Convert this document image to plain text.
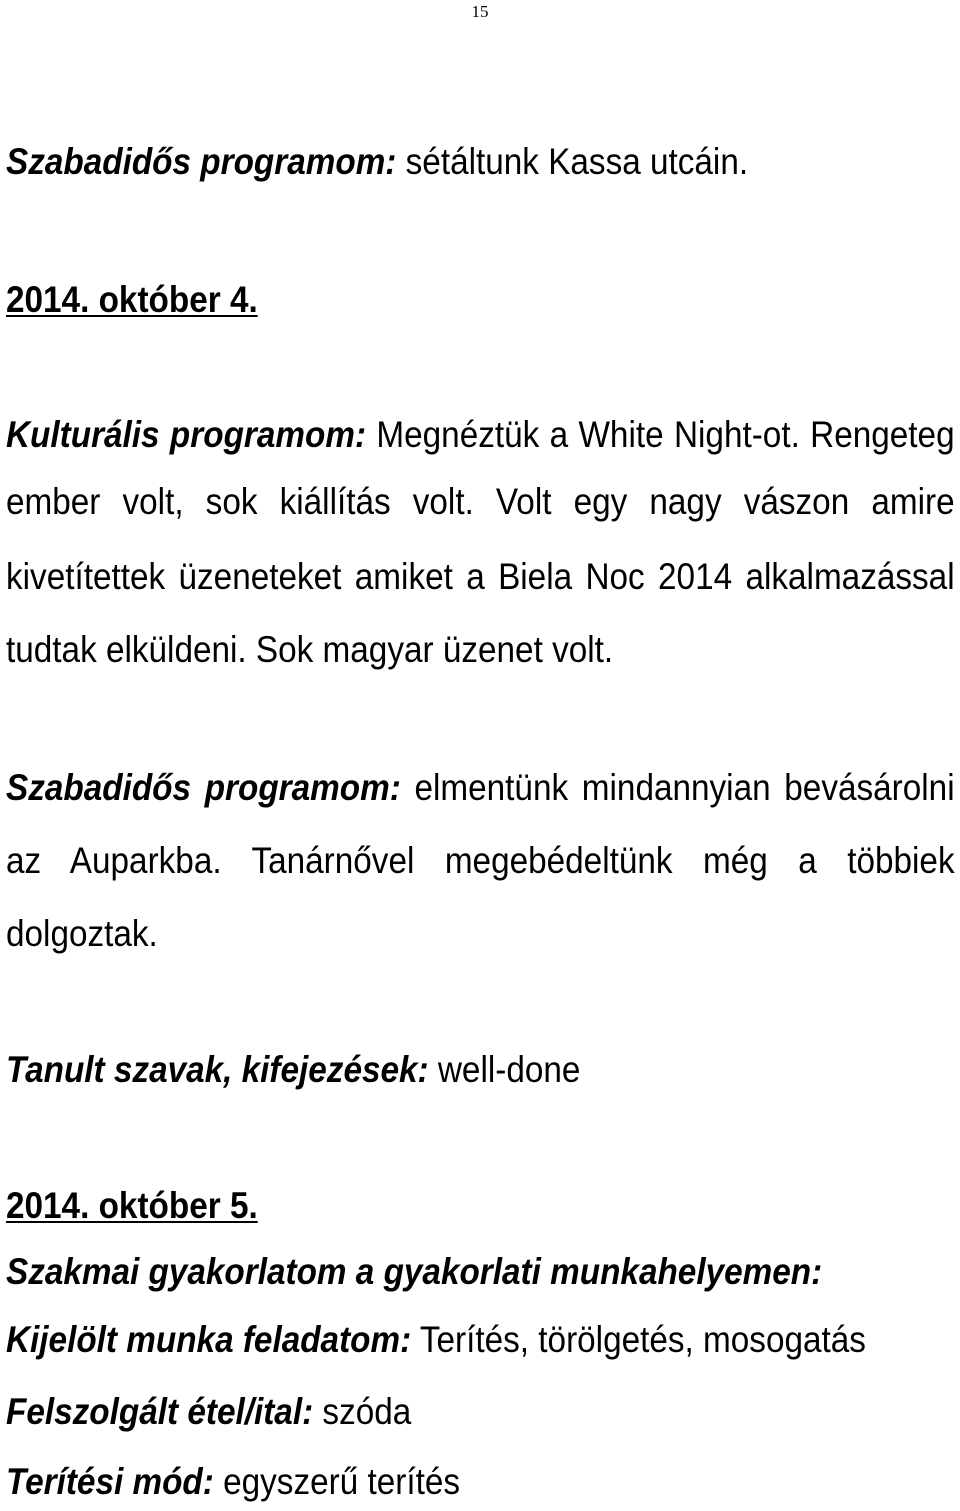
15
Szabadidős programom: sétáltunk Kassa utcáin.
2014. október 4.
Kulturális programom: Megnéztük a White Night-ot. Rengeteg
ember volt, sok kiállítás volt. Volt egy nagy vászon amire
kivetítettek üzeneteket amiket a Biela Noc 2014 alkalmazással
tudtak elküldeni. Sok magyar üzenet volt.
Szabadidős programom: elmentünk mindannyian bevásárolni
az Auparkba. Tanárnővel megebédeltünk még a többiek
dolgoztak.
Tanult szavak, kifejezések: well-done
2014. október 5.
Szakmai gyakorlatom a gyakorlati munkahelyemen:
Kijelölt munka feladatom: Terítés, törölgetés, mosogatás
Felszolgált étel/ital: szóda
Terítési mód: egyszerű terítés
